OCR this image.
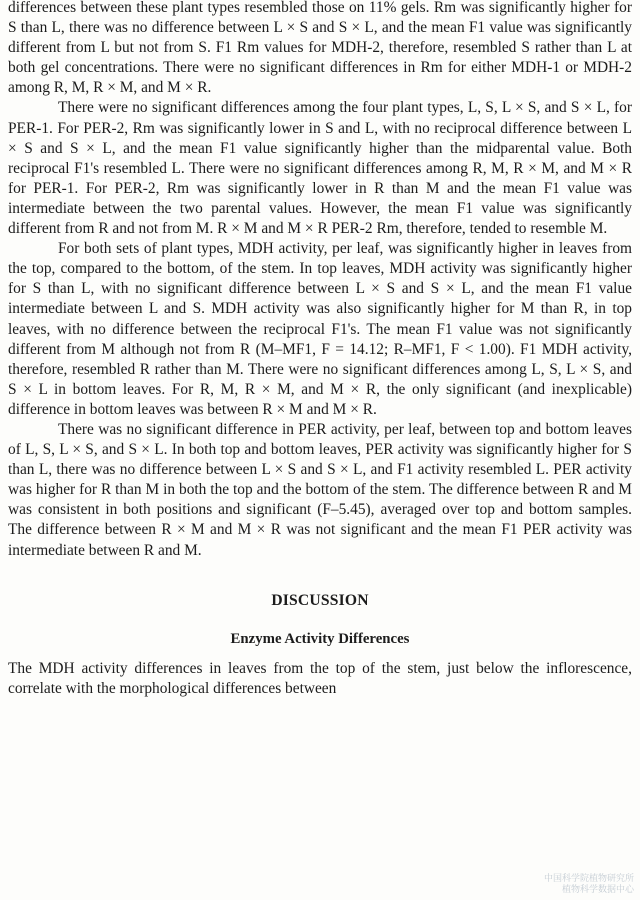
differences between these plant types resembled those on 11% gels. Rm was significantly higher for S than L, there was no difference between L × S and S × L, and the mean F1 value was significantly different from L but not from S. F1 Rm values for MDH-2, therefore, resembled S rather than L at both gel concentrations. There were no significant differences in Rm for either MDH-1 or MDH-2 among R, M, R × M, and M × R.

There were no significant differences among the four plant types, L, S, L × S, and S × L, for PER-1. For PER-2, Rm was significantly lower in S and L, with no reciprocal difference between L × S and S × L, and the mean F1 value significantly higher than the midparental value. Both reciprocal F1's resembled L. There were no significant differences among R, M, R × M, and M × R for PER-1. For PER-2, Rm was significantly lower in R than M and the mean F1 value was intermediate between the two parental values. However, the mean F1 value was significantly different from R and not from M. R × M and M × R PER-2 Rm, therefore, tended to resemble M.

For both sets of plant types, MDH activity, per leaf, was significantly higher in leaves from the top, compared to the bottom, of the stem. In top leaves, MDH activity was significantly higher for S than L, with no significant difference between L × S and S × L, and the mean F1 value intermediate between L and S. MDH activity was also significantly higher for M than R, in top leaves, with no difference between the reciprocal F1's. The mean F1 value was not significantly different from M although not from R (M–MF1, F = 14.12; R–MF1, F < 1.00). F1 MDH activity, therefore, resembled R rather than M. There were no significant differences among L, S, L × S, and S × L in bottom leaves. For R, M, R × M, and M × R, the only significant (and inexplicable) difference in bottom leaves was between R × M and M × R.

There was no significant difference in PER activity, per leaf, between top and bottom leaves of L, S, L × S, and S × L. In both top and bottom leaves, PER activity was significantly higher for S than L, there was no difference between L × S and S × L, and F1 activity resembled L. PER activity was higher for R than M in both the top and the bottom of the stem. The difference between R and M was consistent in both positions and significant (F–5.45), averaged over top and bottom samples. The difference between R × M and M × R was not significant and the mean F1 PER activity was intermediate between R and M.

DISCUSSION
Enzyme Activity Differences

The MDH activity differences in leaves from the top of the stem, just below the inflorescence, correlate with the morphological differences between

中国科学院植物研究所
植物科学数据中心
